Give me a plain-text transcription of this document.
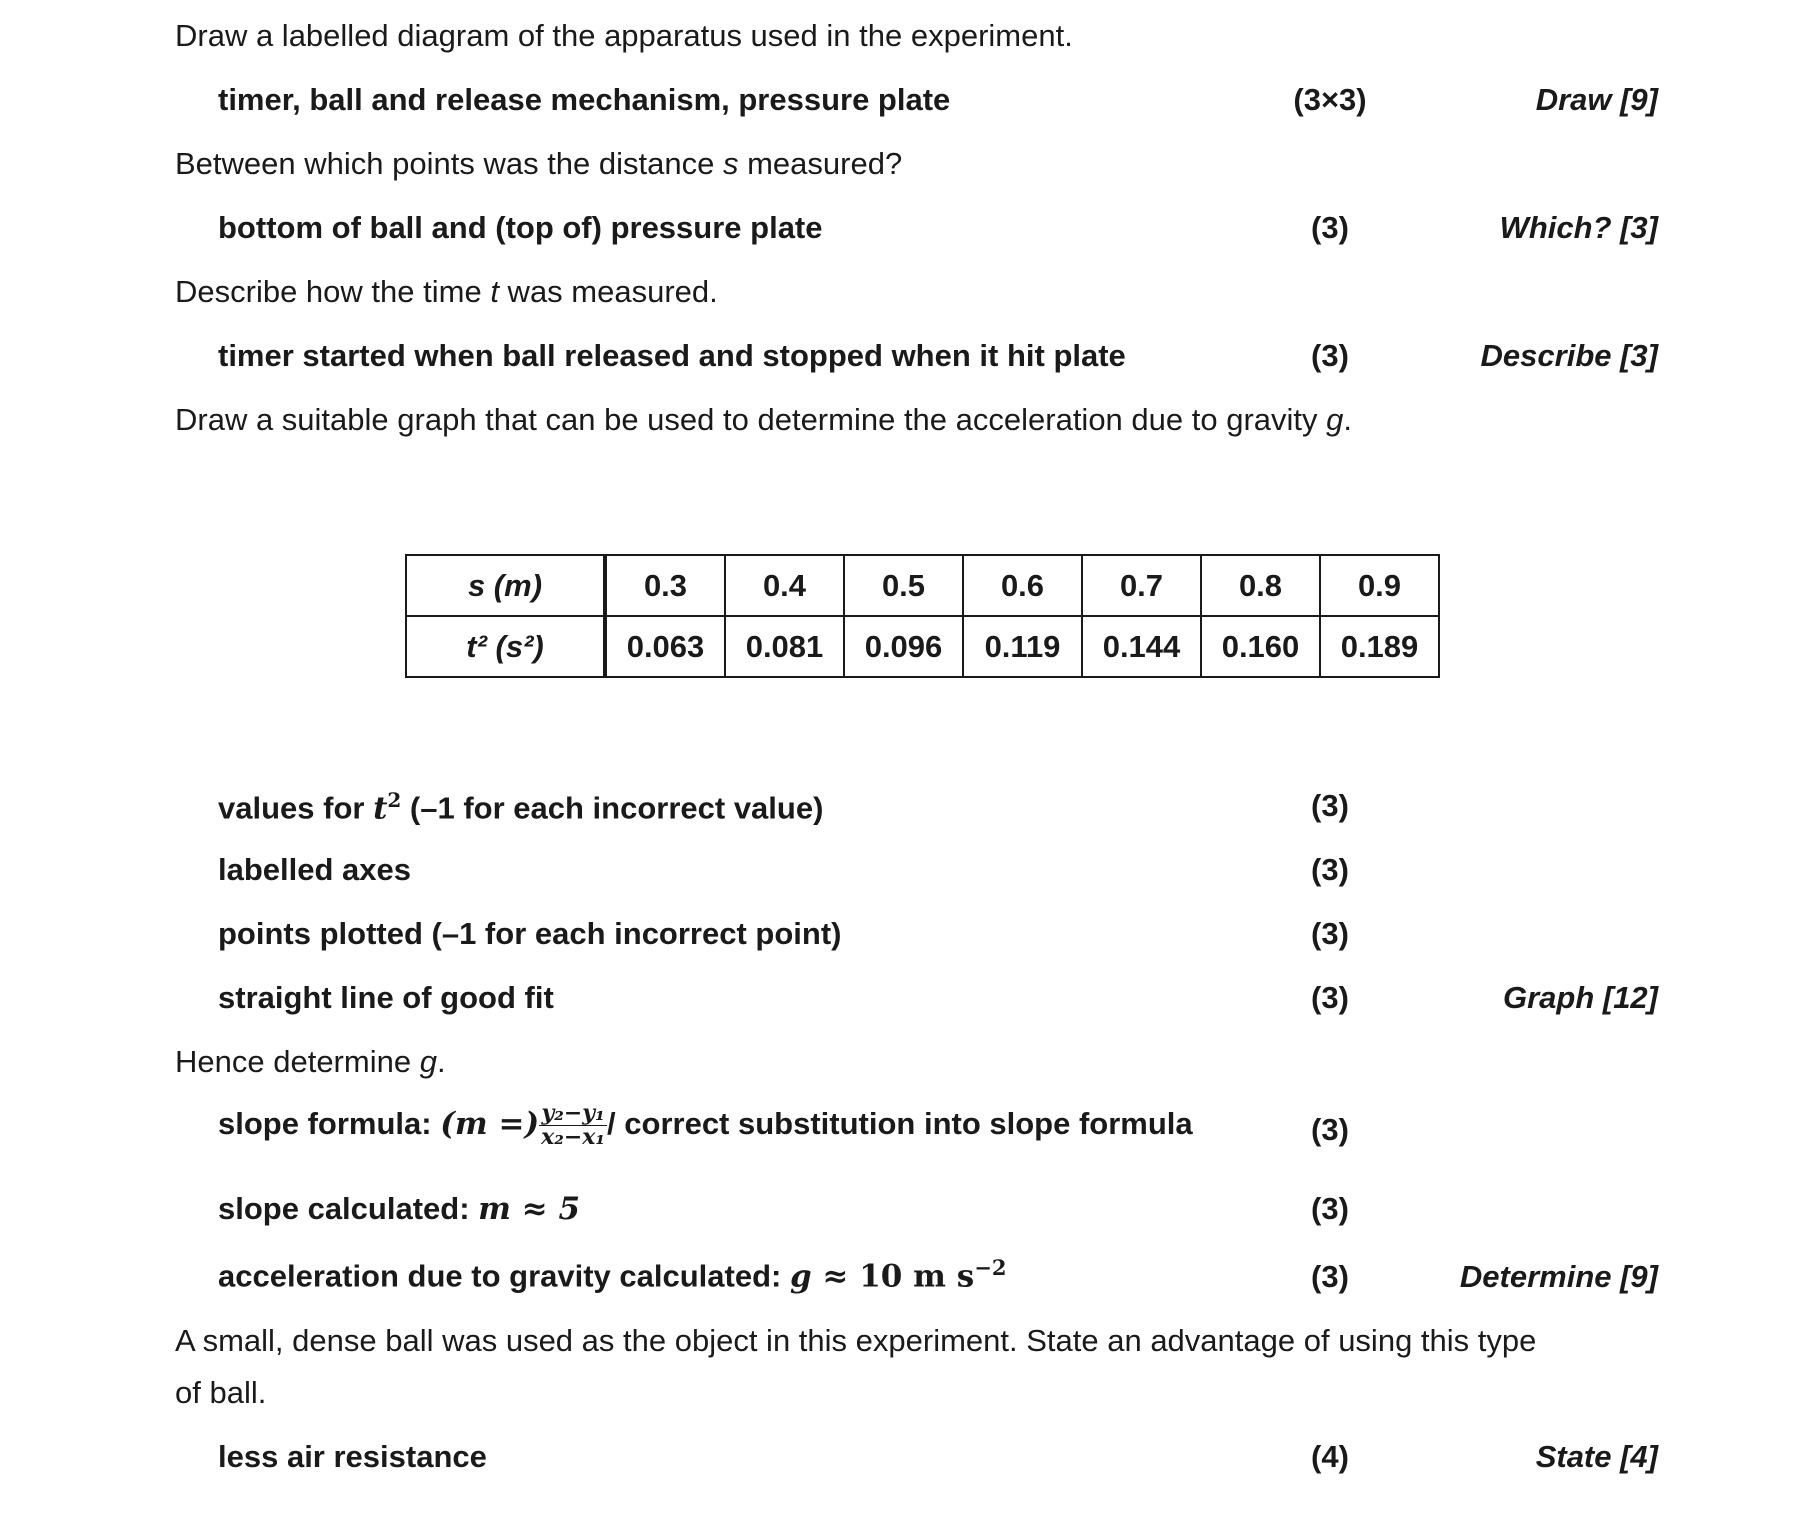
Draw a labelled diagram of the apparatus used in the experiment.
timer, ball and release mechanism, pressure plate	(3×3)	Draw [9]
Between which points was the distance s measured?
bottom of ball and (top of) pressure plate	(3)	Which? [3]
Describe how the time t was measured.
timer started when ball released and stopped when it hit plate	(3)	Describe [3]
Draw a suitable graph that can be used to determine the acceleration due to gravity g.
s (m)	0.3	0.4	0.5	0.6	0.7	0.8	0.9
t² (s²)	0.063	0.081	0.096	0.119	0.144	0.160	0.189
values for $t^2$ (–1 for each incorrect value)	(3)
labelled axes	(3)
points plotted (–1 for each incorrect point)	(3)
straight line of good fit	(3)	Graph [12]
Hence determine g.
slope formula: (m =) $\frac{\text{y₂−y₁}}{\text{x₂−x₁}}$ / correct substitution into slope formula	(3)
slope calculated: m ≈ 5	(3)
acceleration due to gravity calculated: g ≈ 10 m $s^{-2}$	(3)	Determine [9]
A small, dense ball was used as the object in this experiment. State an advantage of using this type
of ball.
less air resistance	(4)	State [4]
